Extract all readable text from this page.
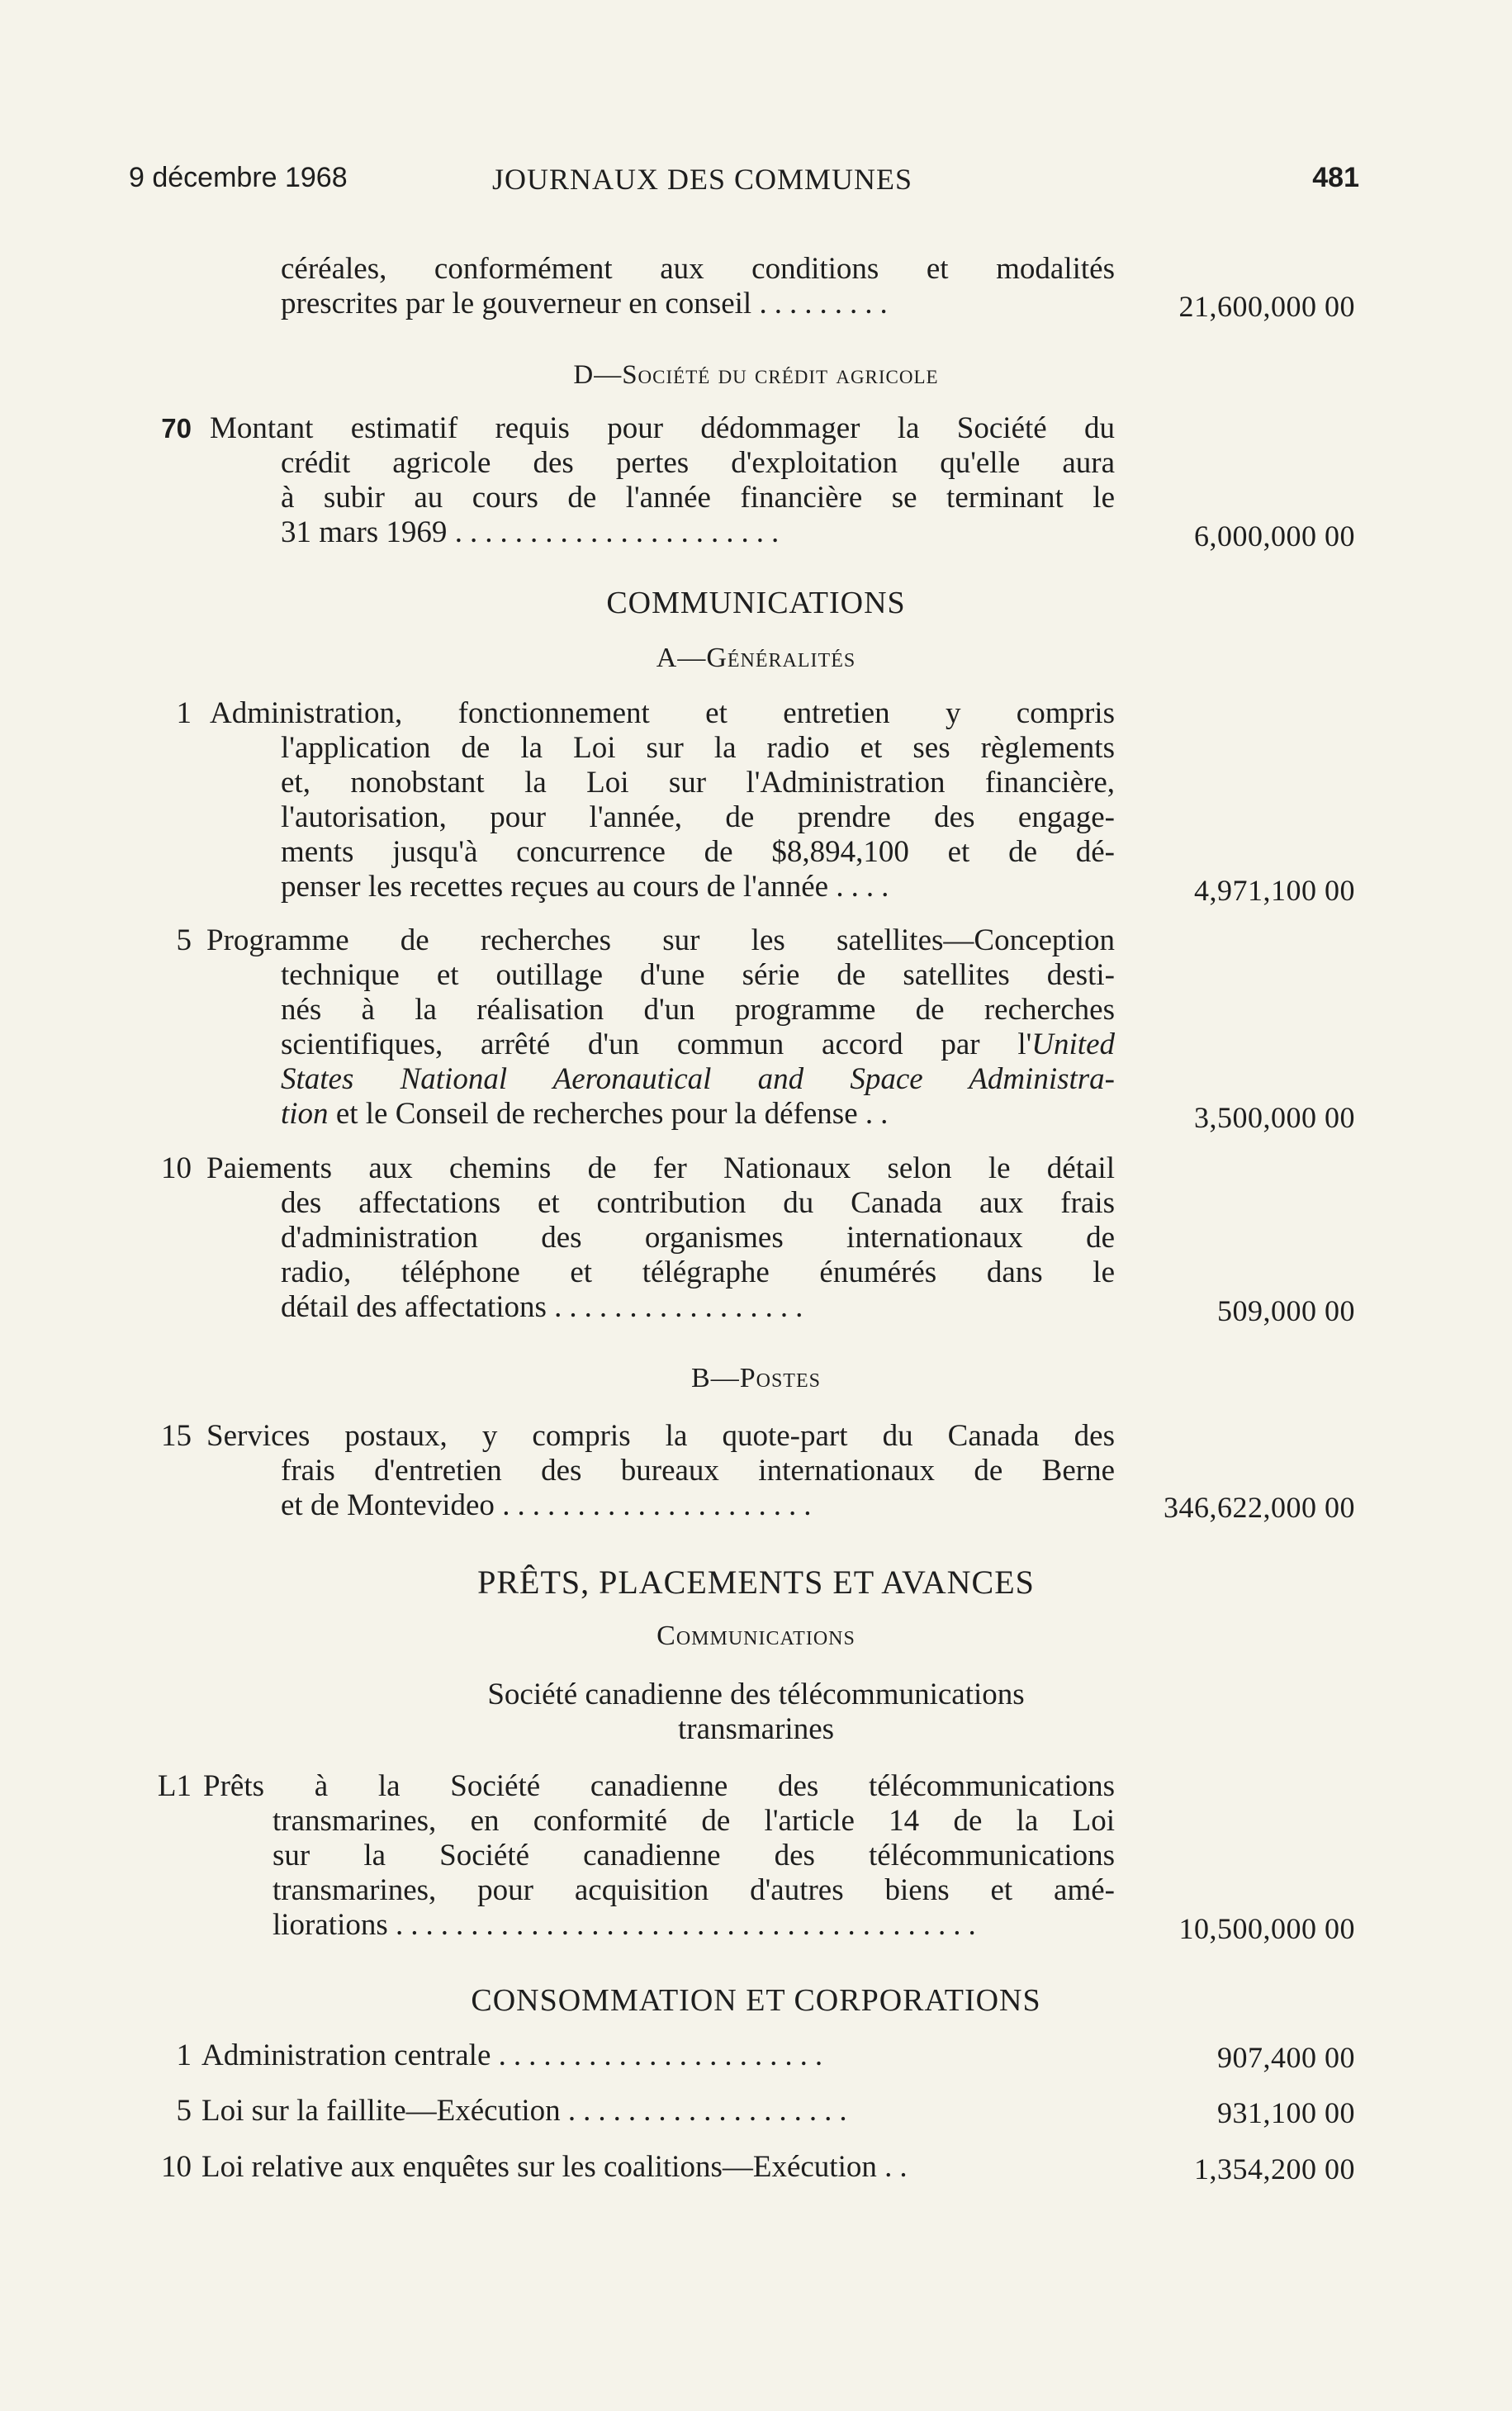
9 décembre 1968	JOURNAUX DES COMMUNES	481
céréales, conformément aux conditions et modalités
prescrites par le gouverneur en conseil .........	21,600,000 00
D—Société du crédit agricole
70 Montant estimatif requis pour dédommager la Société du
crédit agricole des pertes d'exploitation qu'elle aura
à subir au cours de l'année financière se terminant le
31 mars 1969 ......................	6,000,000 00
COMMUNICATIONS
A—Généralités
1 Administration, fonctionnement et entretien y compris
l'application de la Loi sur la radio et ses règlements
et, nonobstant la Loi sur l'Administration financière,
l'autorisation, pour l'année, de prendre des engage-
ments jusqu'à concurrence de $8,894,100 et de dé-
penser les recettes reçues au cours de l'année ....	4,971,100 00
5 Programme de recherches sur les satellites—Conception
technique et outillage d'une série de satellites desti-
nés à la réalisation d'un programme de recherches
scientifiques, arrêté d'un commun accord par l'United
States National Aeronautical and Space Administra-
tion et le Conseil de recherches pour la défense ..	3,500,000 00
10 Paiements aux chemins de fer Nationaux selon le détail
des affectations et contribution du Canada aux frais
d'administration des organismes internationaux de
radio, téléphone et télégraphe énumérés dans le
détail des affectations .................	509,000 00
B—Postes
15 Services postaux, y compris la quote-part du Canada des
frais d'entretien des bureaux internationaux de Berne
et de Montevideo .....................	346,622,000 00
PRÊTS, PLACEMENTS ET AVANCES
Communications
Société canadienne des télécommunications
transmarines
L1 Prêts à la Société canadienne des télécommunications
transmarines, en conformité de l'article 14 de la Loi
sur la Société canadienne des télécommunications
transmarines, pour acquisition d'autres biens et amé-
liorations .......................................	10,500,000 00
CONSOMMATION ET CORPORATIONS
1 Administration centrale ......................	907,400 00
5 Loi sur la faillite—Exécution ...................	931,100 00
10 Loi relative aux enquêtes sur les coalitions—Exécution ..	1,354,200 00
